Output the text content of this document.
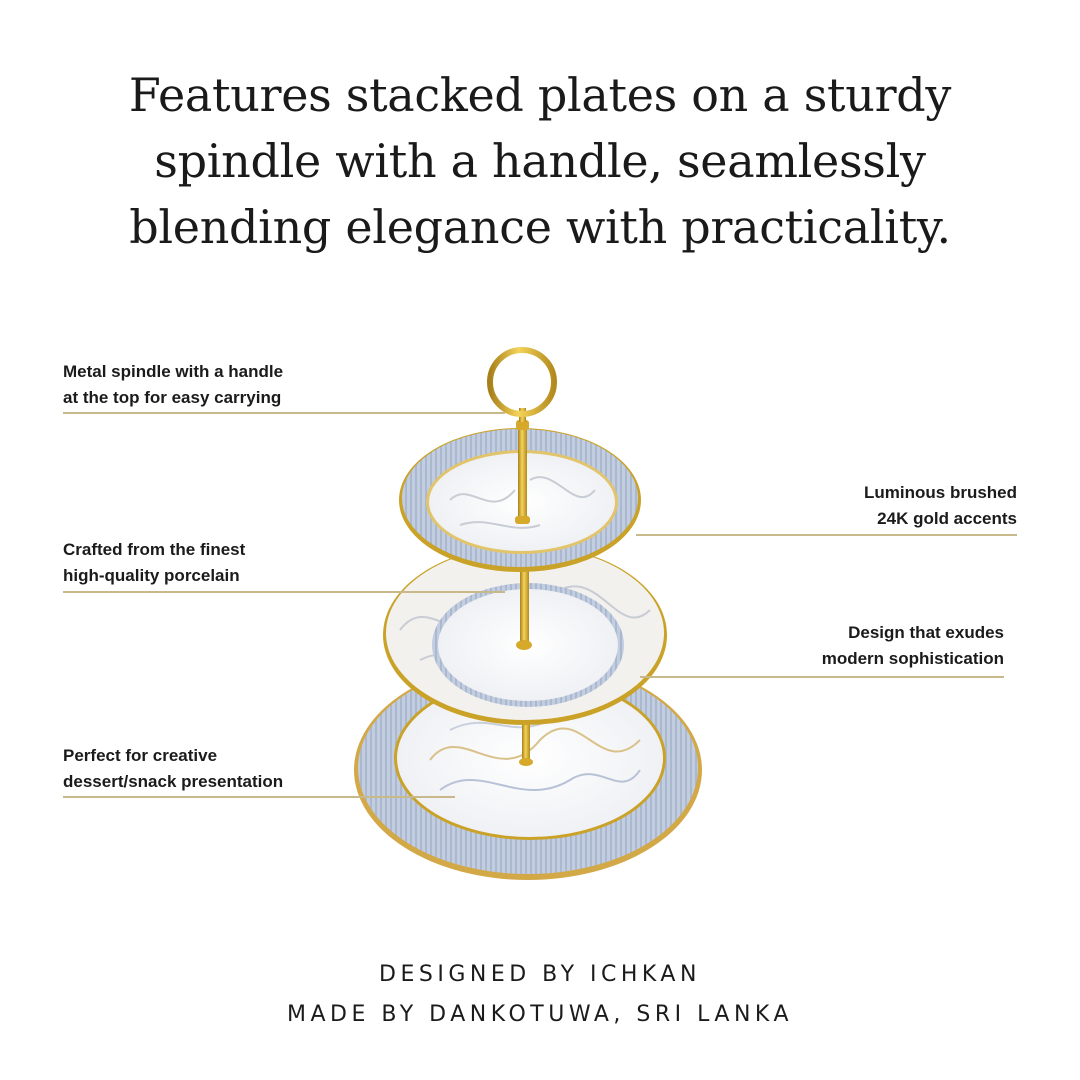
Features stacked plates on a sturdy
spindle with a handle, seamlessly
blending elegance with practicality.
Metal spindle with a handle
at the top for easy carrying
Luminous brushed
24K gold accents
Crafted from the finest
high-quality porcelain
Design that exudes
modern sophistication
Perfect for creative
dessert/snack presentation
DESIGNED BY ICHKAN
MADE BY DANKOTUWA, SRI LANKA
